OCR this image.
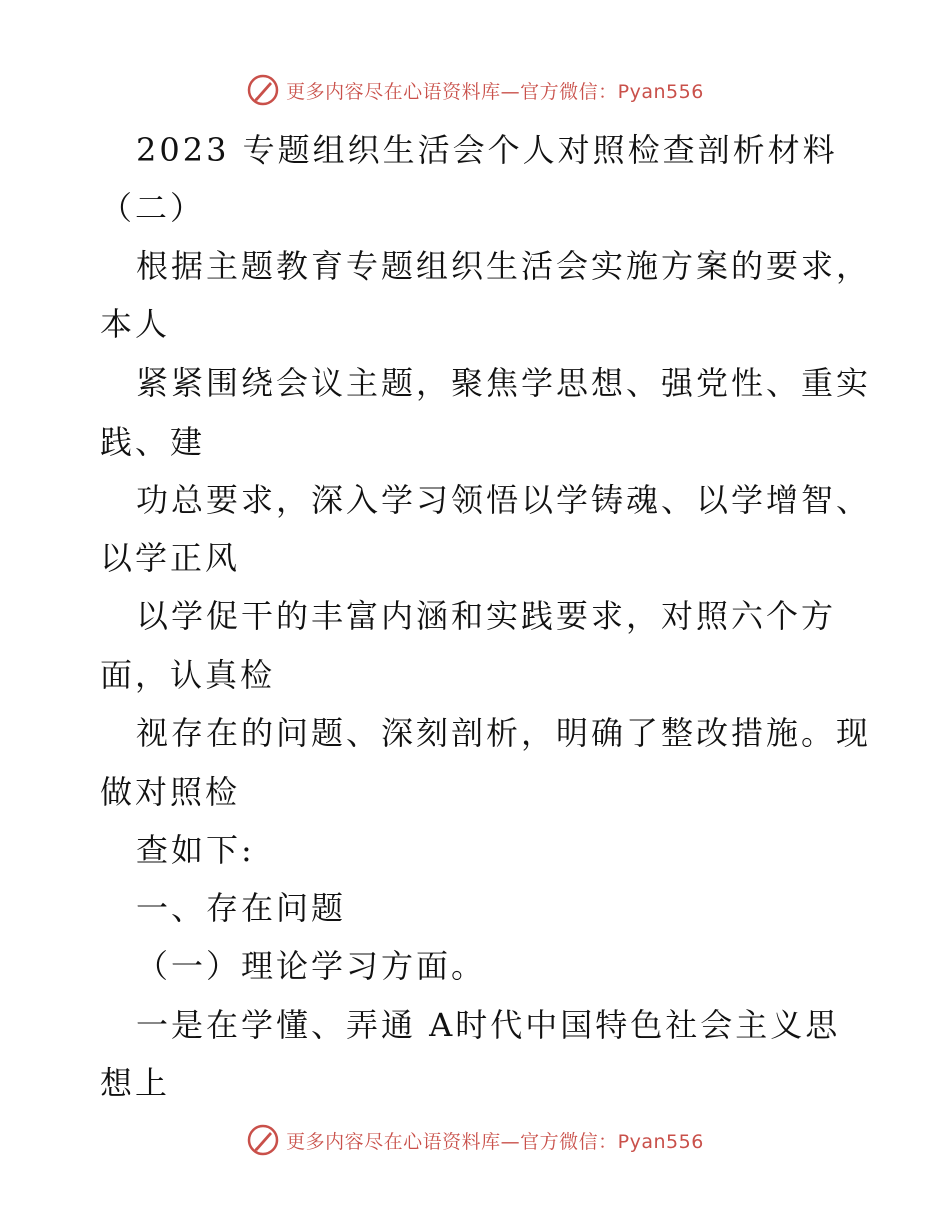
更多内容尽在心语资料库—官方微信：Pyan556
2023 专题组织生活会个人对照检查剖析材料
（二）
根据主题教育专题组织生活会实施方案的要求，
本人
紧紧围绕会议主题，聚焦学思想、强党性、重实
践、建
功总要求，深入学习领悟以学铸魂、以学增智、
以学正风
以学促干的丰富内涵和实践要求，对照六个方
面，认真检
视存在的问题、深刻剖析，明确了整改措施。现
做对照检
查如下:
一、存在问题
（一）理论学习方面。
一是在学懂、弄通 A时代中国特色社会主义思
想上
更多内容尽在心语资料库—官方微信：Pyan556
